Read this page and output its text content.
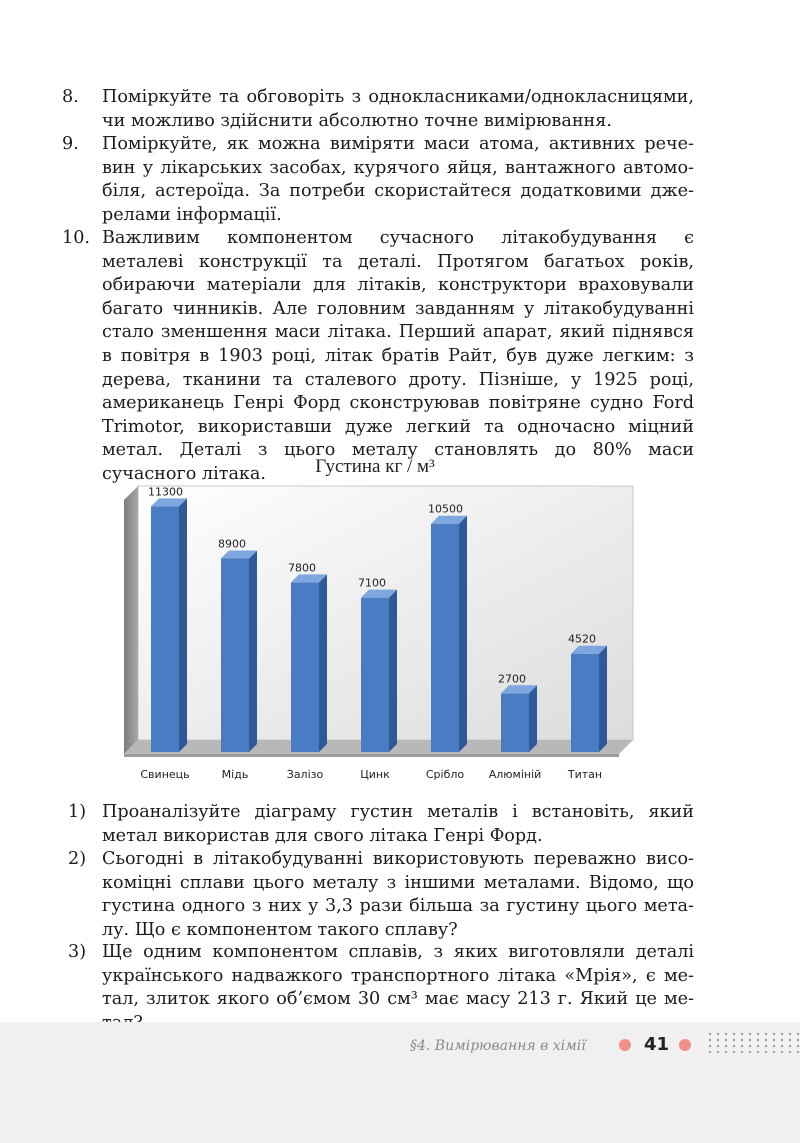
8. Поміркуйте та обговоріть з однокласниками/однокласницями, чи можливо здійснити абсолютно точне вимірювання.
9. Поміркуйте, як можна виміряти маси атома, активних речевин у лікарських засобах, курячого яйця, вантажного автомобіля, астероїда. За потреби скористайтеся додатковими джерелами інформації.
10. Важливим компонентом сучасного літакобудування є металеві конструкції та деталі. Протягом багатьох років, обираючи матеріали для літаків, конструктори враховували багато чинників. Але головним завданням у літакобудуванні стало зменшення маси літака. Перший апарат, який піднявся в повітря в 1903 році, літак братів Райт, був дуже легким: з дерева, тканини та сталевого дроту. Пізніше, у 1925 році, американець Генрі Форд сконструював повітряне судно Ford Trimotor, використавши дуже легкий та одночасно міцний метал. Деталі з цього металу становлять до 80% маси сучасного літака.	Густина кг / м³
11300
Свинець
8900
Мідь
7800
Залізо
7100
Цинк
10500
Срібло
2700
Алюміній
4520
Титан
1) Проаналізуйте діаграму густин металів і встановіть, який метал використав для свого літака Генрі Форд.
2) Сьогодні в літакобудуванні використовують переважно високоміцні сплави цього металу з іншими металами. Відомо, що густина одного з них у 3,3 рази більша за густину цього металу. Що є компонентом такого сплаву?
3) Ще одним компонентом сплавів, з яких виготовляли деталі українського надважкого транспортного літака «Мрія», є метал, злиток якого об’ємом 30 см³ має масу 213 г. Який це ме
§4. Вимірювання в хімії	41
